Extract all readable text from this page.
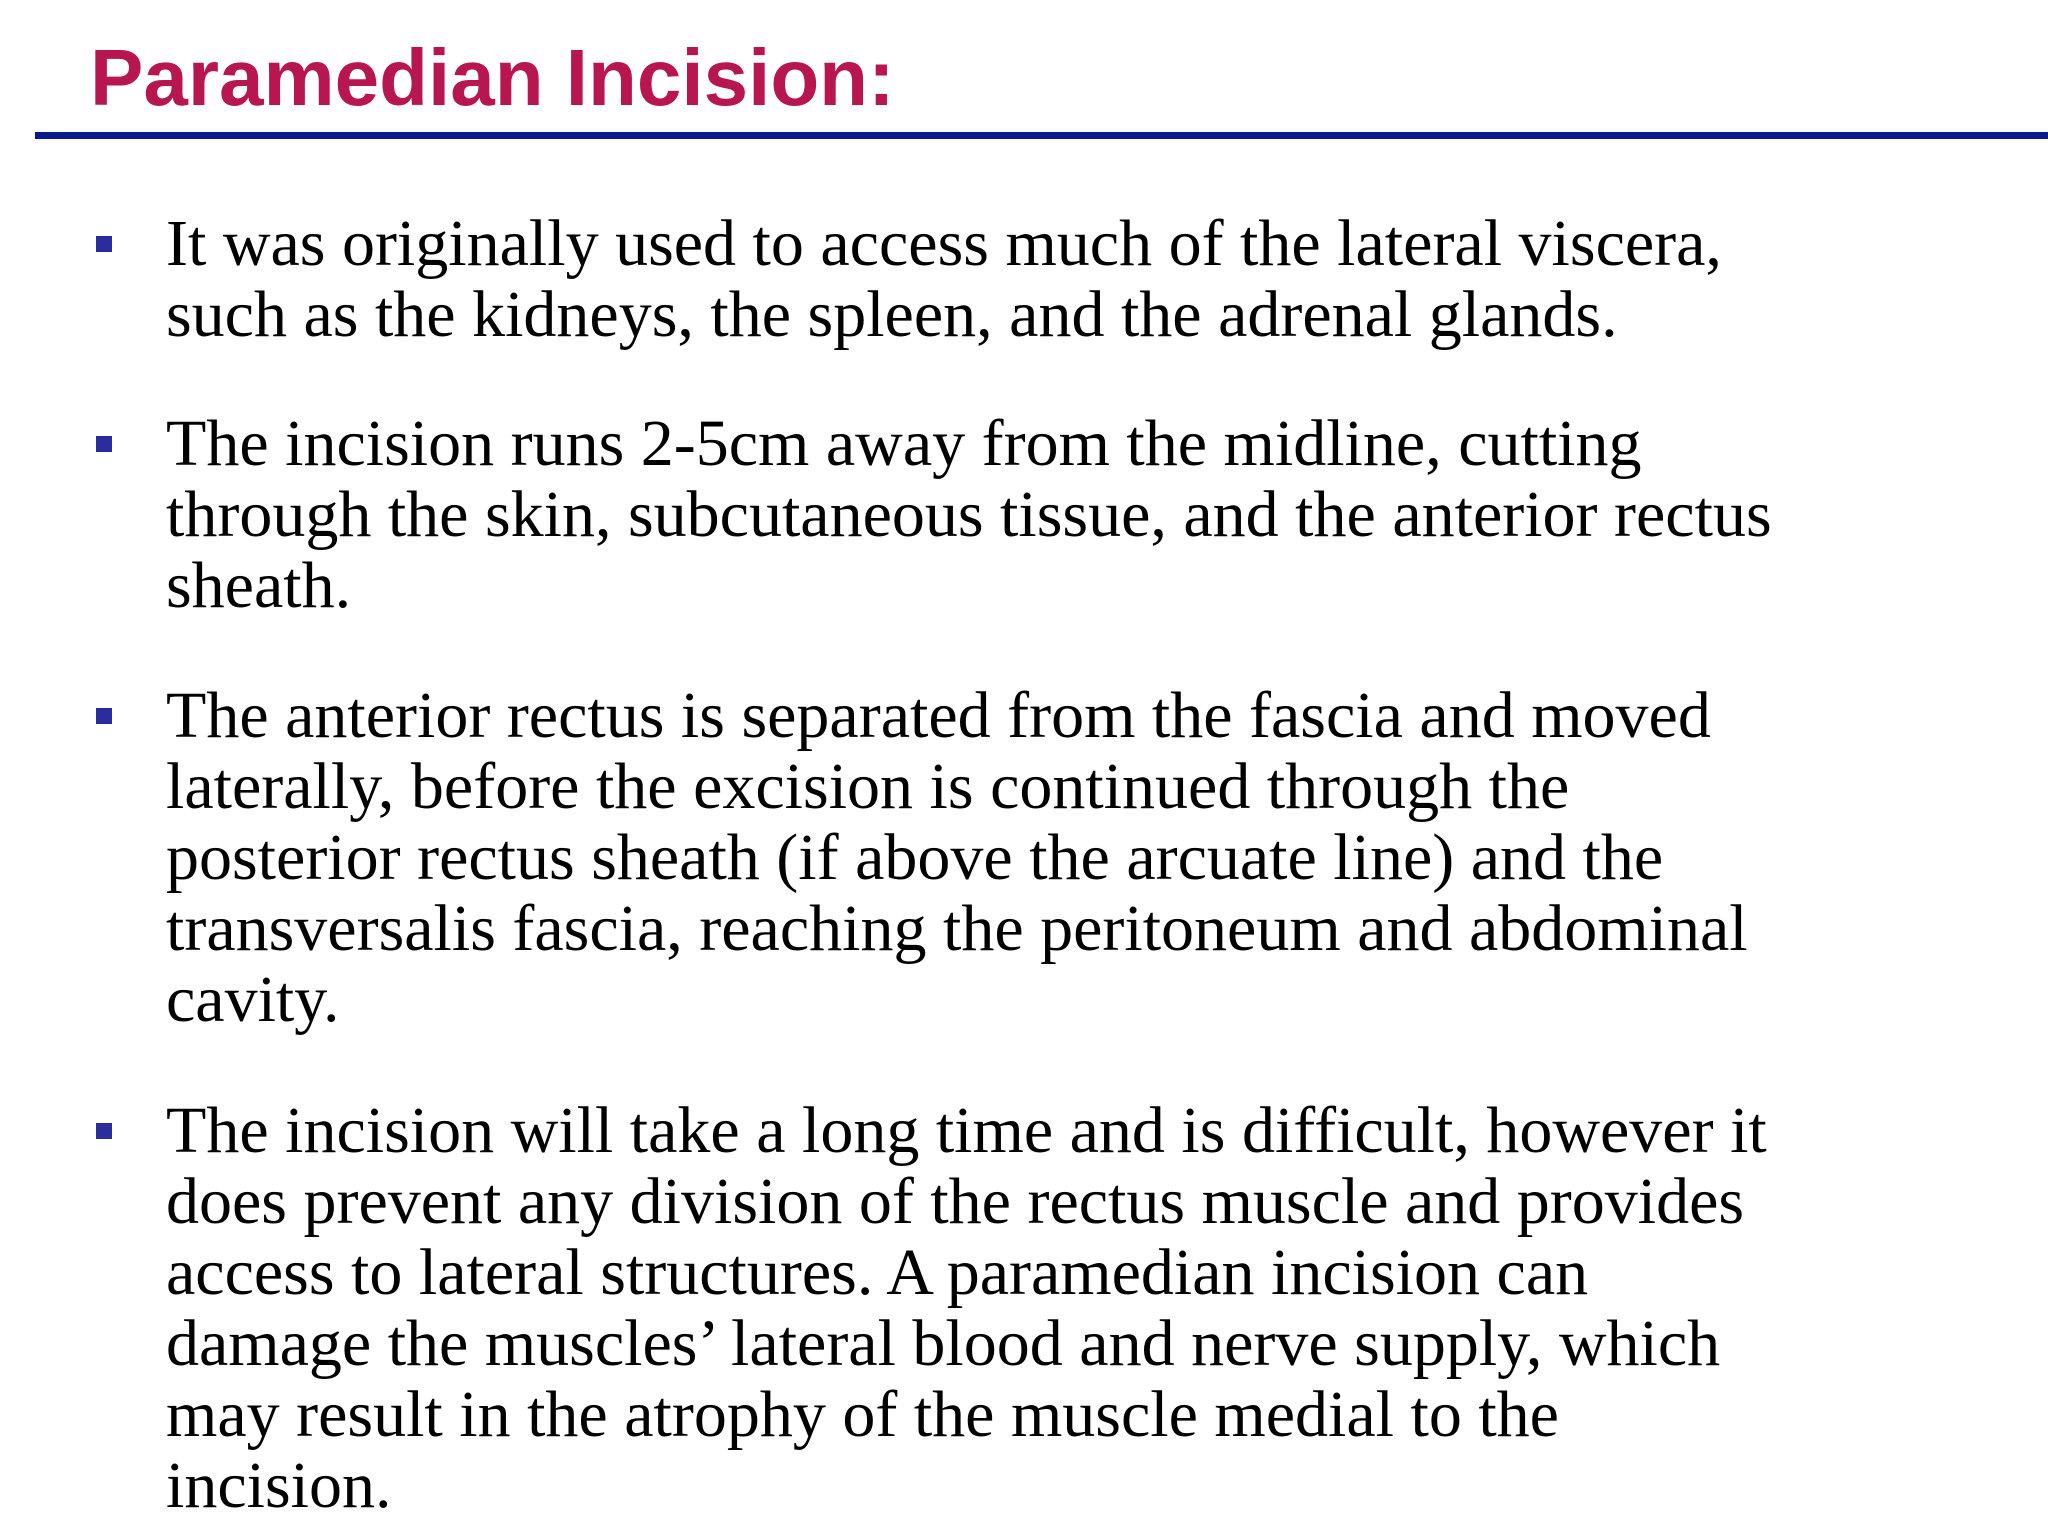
Paramedian Incision:
It was originally used to access much of the lateral viscera,
such as the kidneys, the spleen, and the adrenal glands.
The incision runs 2-5cm away from the midline, cutting
through the skin, subcutaneous tissue, and the anterior rectus
sheath.
The anterior rectus is separated from the fascia and moved
laterally, before the excision is continued through the
posterior rectus sheath (if above the arcuate line) and the
transversalis fascia, reaching the peritoneum and abdominal
cavity.
The incision will take a long time and is difficult, however it
does prevent any division of the rectus muscle and provides
access to lateral structures. A paramedian incision can
damage the muscles’ lateral blood and nerve supply, which
may result in the atrophy of the muscle medial to the
incision.
